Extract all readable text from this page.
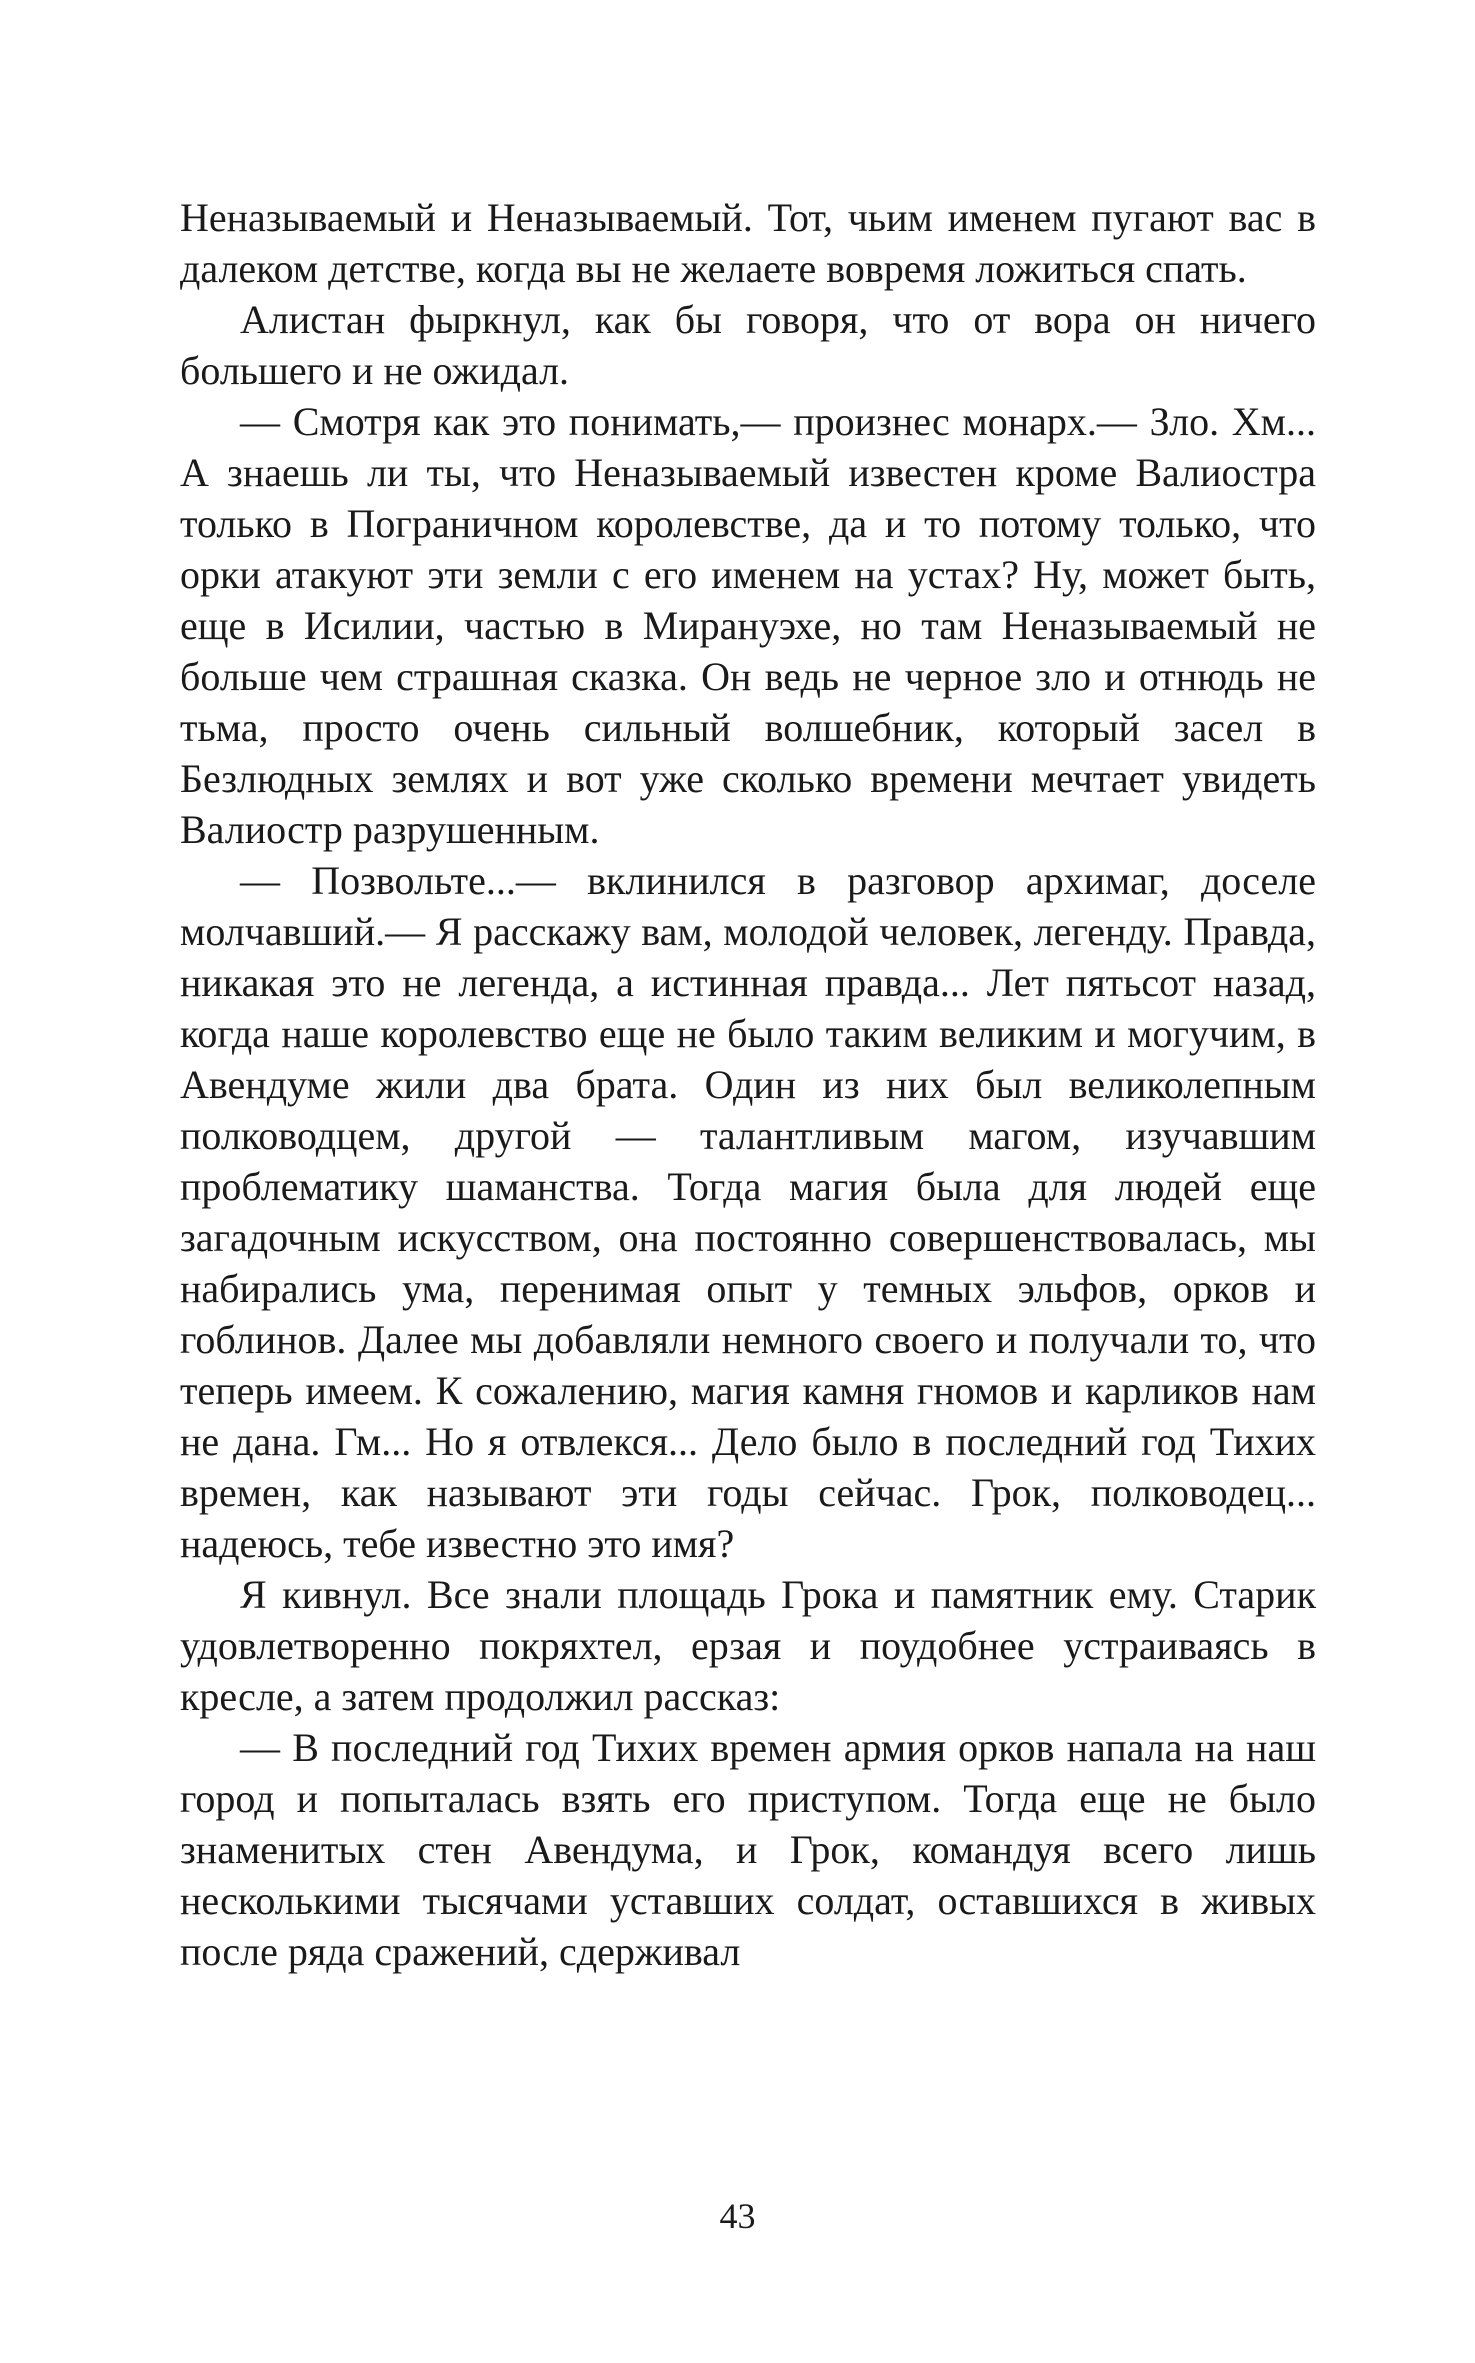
Неназываемый и Неназываемый. Тот, чьим именем пугают вас в далеком детстве, когда вы не желаете вовремя ложиться спать.

Алистан фыркнул, как бы говоря, что от вора он ничего большего и не ожидал.

— Смотря как это понимать,— произнес монарх.— Зло. Хм... А знаешь ли ты, что Неназываемый известен кроме Валиостра только в Пограничном королевстве, да и то потому только, что орки атакуют эти земли с его именем на устах? Ну, может быть, еще в Исилии, частью в Мирануэхе, но там Неназываемый не больше чем страшная сказка. Он ведь не черное зло и отнюдь не тьма, просто очень сильный волшебник, который засел в Безлюдных землях и вот уже сколько времени мечтает увидеть Валиостр разрушенным.

— Позвольте...— вклинился в разговор архимаг, доселе молчавший.— Я расскажу вам, молодой человек, легенду. Правда, никакая это не легенда, а истинная правда... Лет пятьсот назад, когда наше королевство еще не было таким великим и могучим, в Авендуме жили два брата. Один из них был великолепным полководцем, другой — талантливым магом, изучавшим проблематику шаманства. Тогда магия была для людей еще загадочным искусством, она постоянно совершенствовалась, мы набирались ума, перенимая опыт у темных эльфов, орков и гоблинов. Далее мы добавляли немного своего и получали то, что теперь имеем. К сожалению, магия камня гномов и карликов нам не дана. Гм... Но я отвлекся... Дело было в последний год Тихих времен, как называют эти годы сейчас. Грок, полководец... надеюсь, тебе известно это имя?

Я кивнул. Все знали площадь Грока и памятник ему. Старик удовлетворенно покряхтел, ерзая и поудобнее устраиваясь в кресле, а затем продолжил рассказ:

— В последний год Тихих времен армия орков напала на наш город и попыталась взять его приступом. Тогда еще не было знаменитых стен Авендума, и Грок, командуя всего лишь несколькими тысячами уставших солдат, оставшихся в живых после ряда сражений, сдерживал

43
